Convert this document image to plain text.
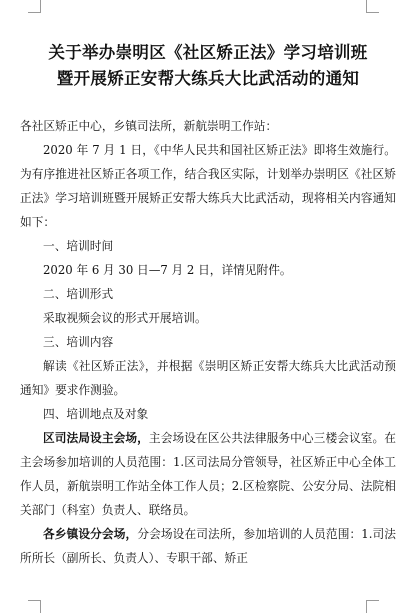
关于举办崇明区《社区矫正法》学习培训班
暨开展矫正安帮大练兵大比武活动的通知

各社区矫正中心，乡镇司法所，新航崇明工作站：

2020 年 7 月 1 日，《中华人民共和国社区矫正法》即将生效施行。为有序推进社区矫正各项工作，结合我区实际，计划举办崇明区《社区矫正法》学习培训班暨开展矫正安帮大练兵大比武活动，现将相关内容通知如下：

一、培训时间

2020 年 6 月 30 日—7 月 2 日，详情见附件。

二、培训形式

采取视频会议的形式开展培训。

三、培训内容

解读《社区矫正法》，并根据《崇明区矫正安帮大练兵大比武活动预通知》要求作测验。

四、培训地点及对象

区司法局设主会场，主会场设在区公共法律服务中心三楼会议室。在主会场参加培训的人员范围：1.区司法局分管领导，社区矫正中心全体工作人员，新航崇明工作站全体工作人员；2.区检察院、公安分局、法院相关部门（科室）负责人、联络员。

各乡镇设分会场，分会场设在司法所，参加培训的人员范围：1.司法所所长（副所长、负责人）、专职干部、矫正
